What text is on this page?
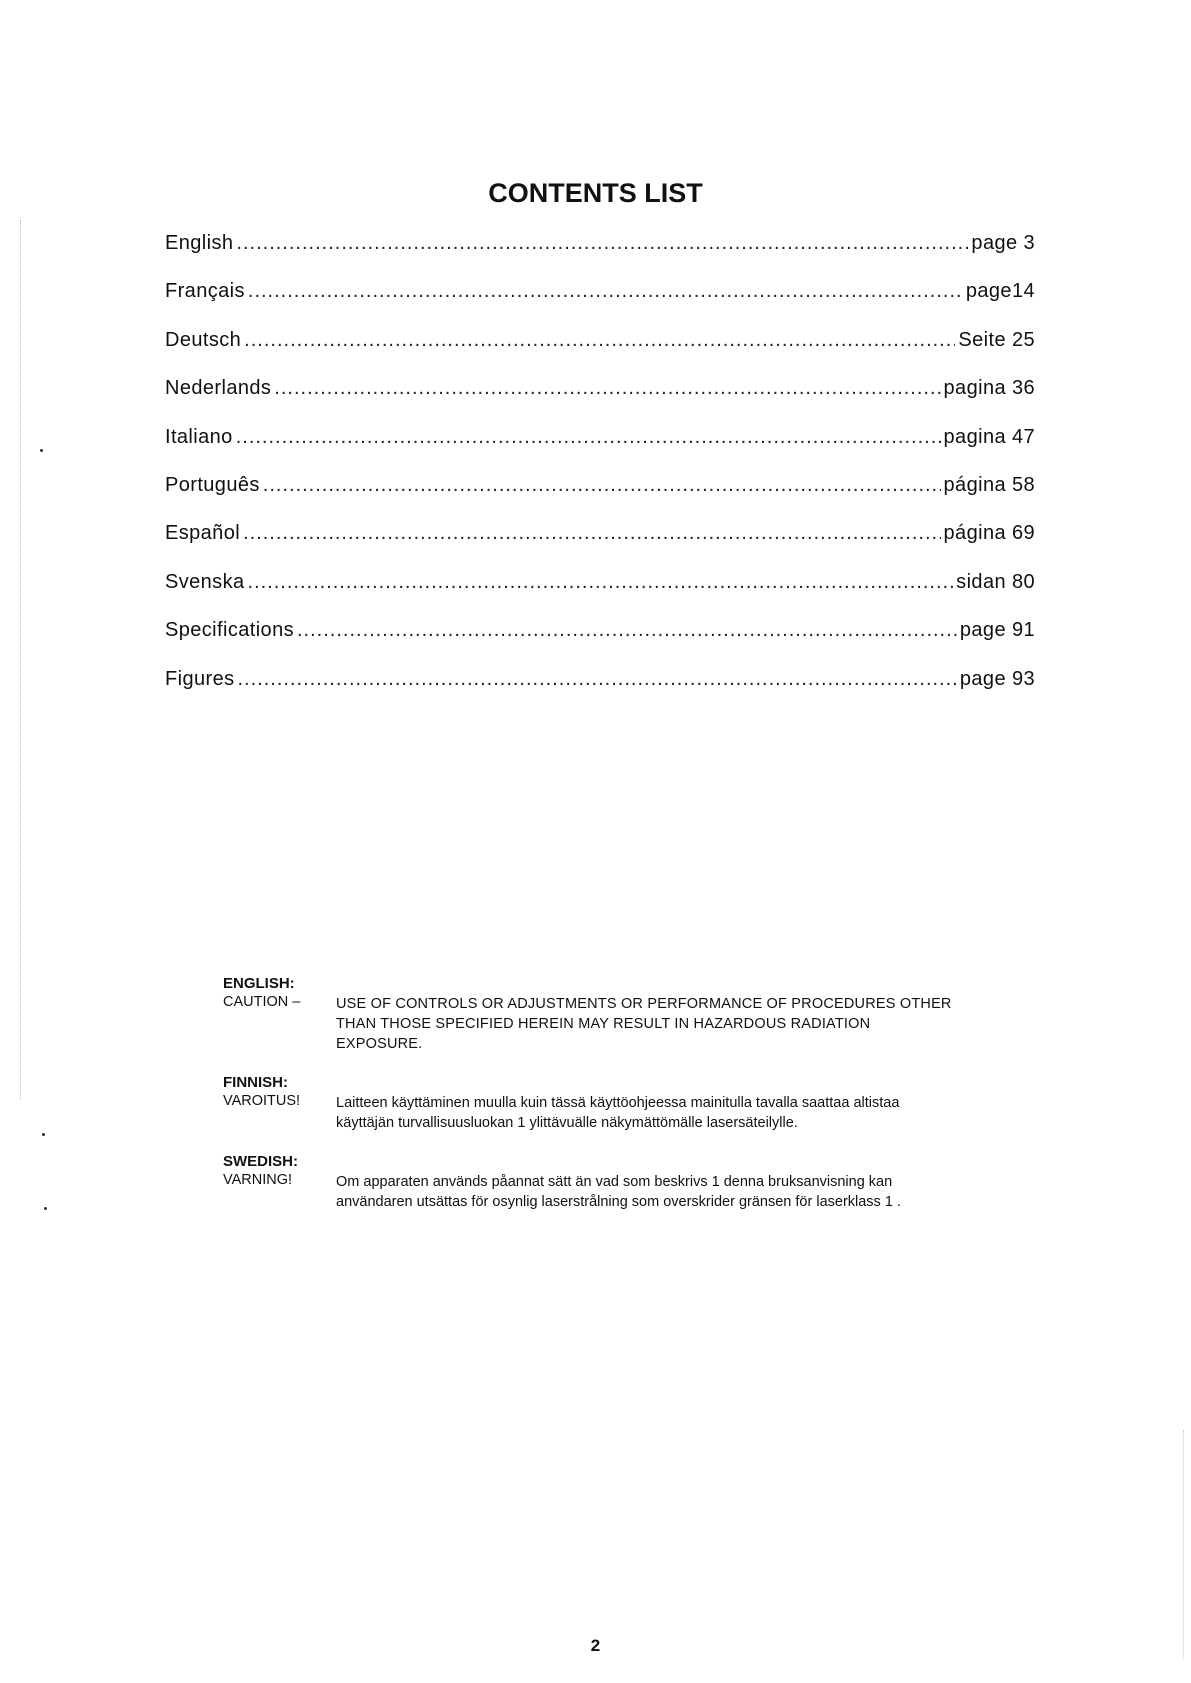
CONTENTS LIST
English .....	page 3
Français .....	page14
Deutsch .....	Seite 25
Nederlands .....	pagina 36
Italiano .....	pagina 47
Português .....	página 58
Español .....	página 69
Svenska .....	sidan 80
Specifications .....	page 91
Figures .....	page 93
ENGLISH:
CAUTION –	USE OF CONTROLS OR ADJUSTMENTS OR PERFORMANCE OF PROCEDURES OTHER THAN THOSE SPECIFIED HEREIN MAY RESULT IN HAZARDOUS RADIATION EXPOSURE.
FINNISH:
VAROITUS!	Laitteen käyttäminen muulla kuin tässä käyttöohjeessa mainitulla tavalla saattaa altistaa käyttäjän turvallisuusluokan 1 ylittävuälle näkymättömälle lasersäteilylle.
SWEDISH:
VARNING!	Om apparaten används påannat sätt än vad som beskrivs 1 denna bruksanvisning kan användaren utsättas för osynlig laserstrålning som overskrider gränsen för laserklass 1 .
2
